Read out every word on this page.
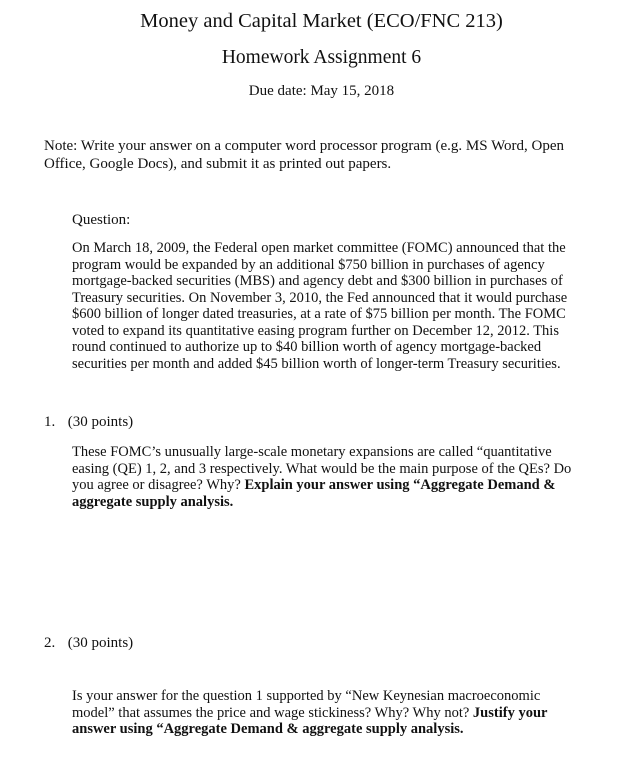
Money and Capital Market (ECO/FNC 213)
Homework Assignment 6
Due date: May 15, 2018
Note: Write your answer on a computer word processor program (e.g. MS Word, Open Office, Google Docs), and submit it as printed out papers.
Question:
On March 18, 2009, the Federal open market committee (FOMC) announced that the program would be expanded by an additional $750 billion in purchases of agency mortgage-backed securities (MBS) and agency debt and $300 billion in purchases of Treasury securities. On November 3, 2010, the Fed announced that it would purchase $600 billion of longer dated treasuries, at a rate of $75 billion per month. The FOMC voted to expand its quantitative easing program further on December 12, 2012. This round continued to authorize up to $40 billion worth of agency mortgage-backed securities per month and added $45 billion worth of longer-term Treasury securities.
1. (30 points)
These FOMC’s unusually large-scale monetary expansions are called “quantitative easing (QE) 1, 2, and 3 respectively. What would be the main purpose of the QEs? Do you agree or disagree? Why? Explain your answer using “Aggregate Demand & aggregate supply analysis.
2. (30 points)
Is your answer for the question 1 supported by “New Keynesian macroeconomic model” that assumes the price and wage stickiness? Why? Why not? Justify your answer using “Aggregate Demand & aggregate supply analysis.
